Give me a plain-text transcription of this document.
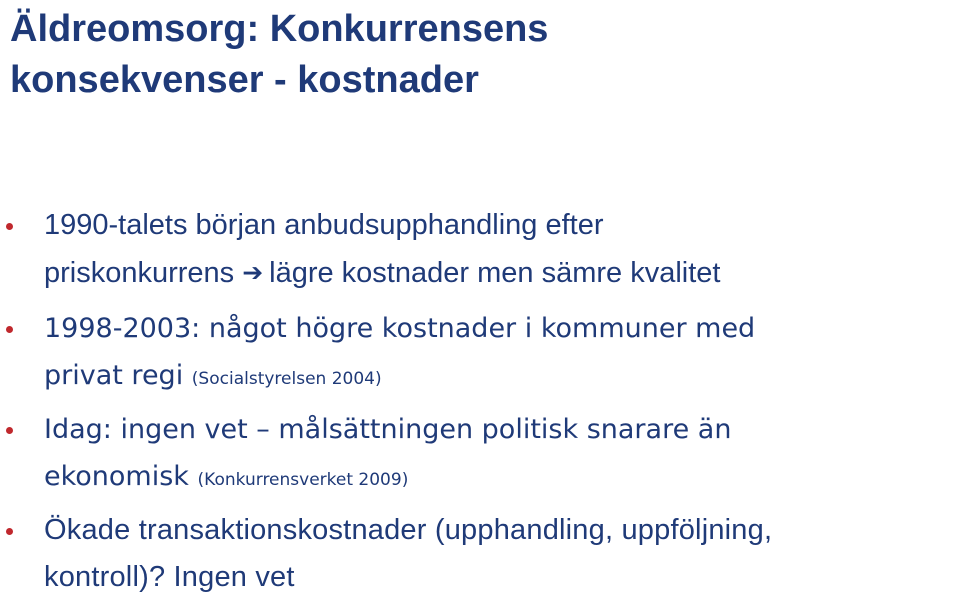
Äldreomsorg: Konkurrensens
konsekvenser - kostnader
1990-talets början anbudsupphandling efter
priskonkurrens ➔ lägre kostnader men sämre kvalitet
1998-2003: något högre kostnader i kommuner med
privat regi (Socialstyrelsen 2004)
Idag: ingen vet – målsättningen politisk snarare än
ekonomisk (Konkurrensverket 2009)
Ökade transaktionskostnader (upphandling, uppföljning,
kontroll)? Ingen vet
